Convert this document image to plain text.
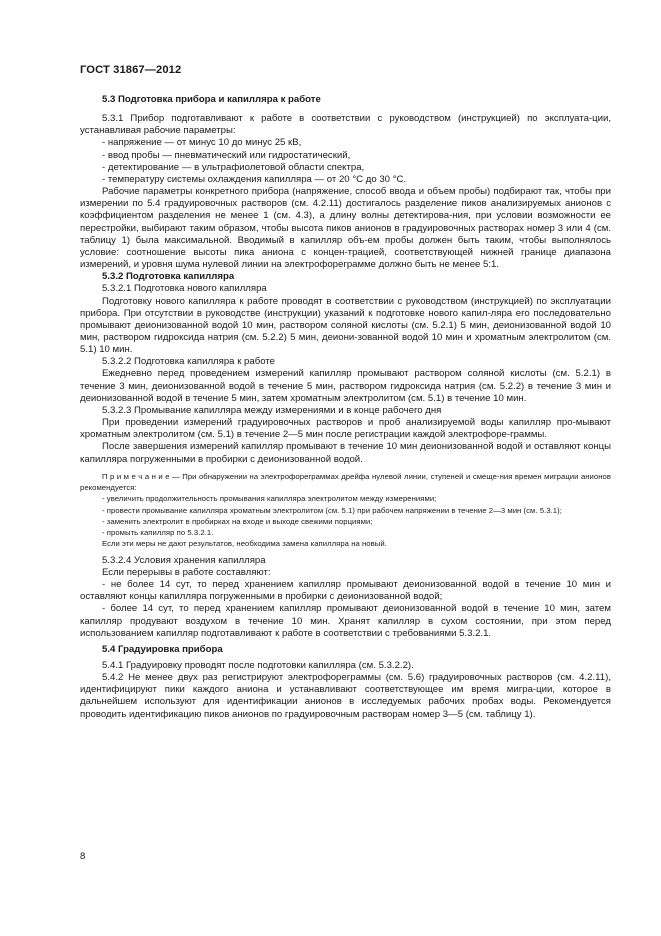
ГОСТ 31867—2012

5.3 Подготовка прибора и капилляра к работе

5.3.1 Прибор подготавливают к работе в соответствии с руководством (инструкцией) по эксплуата-ции, устанавливая рабочие параметры:

- напряжение — от минус 10 до минус 25 кВ,

- ввод пробы — пневматический или гидростатический,

- детектирование — в ультрафиолетовой области спектра,

- температуру системы охлаждения капилляра — от 20 °С до 30 °С.

Рабочие параметры конкретного прибора (напряжение, способ ввода и объем пробы) подбирают так, чтобы при измерении по 5.4 градуировочных растворов (см. 4.2.11) достигалось разделение пиков анализируемых анионов с коэффициентом разделения не менее 1 (см. 4.3), а длину волны детектирова-ния, при условии возможности ее перестройки, выбирают таким образом, чтобы высота пиков анионов в градуировочных растворах номер 3 или 4 (см. таблицу 1) была максимальной. Вводимый в капилляр объ-ем пробы должен быть таким, чтобы выполнялось условие: соотношение высоты пика аниона с концен-трацией, соответствующей нижней границе диапазона измерений, и уровня шума нулевой линии на электрофореграмме должно быть не менее 5:1.

5.3.2 Подготовка капилляра

5.3.2.1 Подготовка нового капилляра

Подготовку нового капилляра к работе проводят в соответствии с руководством (инструкцией) по эксплуатации прибора. При отсутствии в руководстве (инструкции) указаний к подготовке нового капил-ляра его последовательно промывают деионизованной водой 10 мин, раствором соляной кислоты (см. 5.2.1) 5 мин, деионизованной водой 10 мин, раствором гидроксида натрия (см. 5.2.2) 5 мин, деиони-зованной водой 10 мин и хроматным электролитом (см. 5.1) 10 мин.

5.3.2.2 Подготовка капилляра к работе

Ежедневно перед проведением измерений капилляр промывают раствором соляной кислоты (см. 5.2.1) в течение 3 мин, деионизованной водой в течение 5 мин, раствором гидроксида натрия (см. 5.2.2) в течение 3 мин и деионизованной водой в течение 5 мин, затем хроматным электролитом (см. 5.1) в течение 10 мин.

5.3.2.3 Промывание капилляра между измерениями и в конце рабочего дня

При проведении измерений градуировочных растворов и проб анализируемой воды капилляр про-мывают хроматным электролитом (см. 5.1) в течение 2—5 мин после регистрации каждой электрофоре-граммы.

После завершения измерений капилляр промывают в течение 10 мин деионизованной водой и оставляют концы капилляра погруженными в пробирки с деионизованной водой.

П р и м е ч а н и е — При обнаружении на электрофореграммах дрейфа нулевой линии, ступеней и смеще-ния времен миграции анионов рекомендуется:

- увеличить продолжительность промывания капилляра электролитом между измерениями;

- провести промывание капилляра хроматным электролитом (см. 5.1) при рабочем напряжении в течение 2—3 мин (см. 5.3.1);

- заменить электролит в пробирках на входе и выходе свежими порциями;

- промыть капилляр по 5.3.2.1.

Если эти меры не дают результатов, необходима замена капилляра на новый.

5.3.2.4 Условия хранения капилляра

Если перерывы в работе составляют:

- не более 14 сут, то перед хранением капилляр промывают деионизованной водой в течение 10 мин и оставляют концы капилляра погруженными в пробирки с деионизованной водой;

- более 14 сут, то перед хранением капилляр промывают деионизованной водой в течение 10 мин, затем капилляр продувают воздухом в течение 10 мин. Хранят капилляр в сухом состоянии, при этом перед использованием капилляр подготавливают к работе в соответствии с требованиями 5.3.2.1.

5.4 Градуировка прибора

5.4.1 Градуировку проводят после подготовки капилляра (см. 5.3.2.2).

5.4.2 Не менее двух раз регистрируют электрофореграммы (см. 5.6) градуировочных растворов (см. 4.2.11), идентифицируют пики каждого аниона и устанавливают соответствующее им время мигра-ции, которое в дальнейшем используют для идентификации анионов в исследуемых рабочих пробах воды. Рекомендуется проводить идентификацию пиков анионов по градуировочным растворам номер 3—5 (см. таблицу 1).

8
